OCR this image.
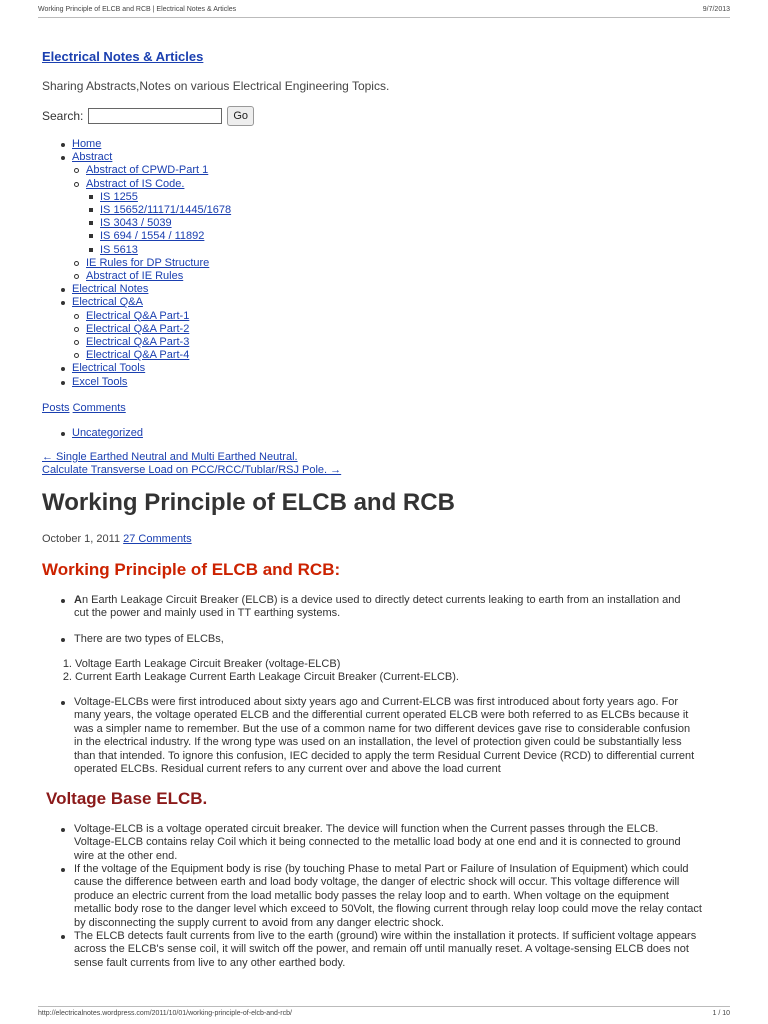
Working Principle of ELCB and RCB | Electrical Notes & Articles	9/7/2013
Electrical Notes & Articles
Sharing Abstracts,Notes on various Electrical Engineering Topics.
Search:	Go
Home
Abstract
Abstract of CPWD-Part 1
Abstract of IS Code.
IS 1255
IS 15652/11171/1445/1678
IS 3043 / 5039
IS 694 / 1554 / 11892
IS 5613
IE Rules for DP Structure
Abstract of IE Rules
Electrical Notes
Electrical Q&A
Electrical Q&A Part-1
Electrical Q&A Part-2
Electrical Q&A Part-3
Electrical Q&A Part-4
Electrical Tools
Excel Tools
Posts Comments
Uncategorized
← Single Earthed Neutral and Multi Earthed Neutral.
Calculate Transverse Load on PCC/RCC/Tublar/RSJ Pole. →
Working Principle of ELCB and RCB
October 1, 2011 27 Comments
Working Principle of ELCB and RCB:
An Earth Leakage Circuit Breaker (ELCB) is a device used to directly detect currents leaking to earth from an installation and
cut the power and mainly used in TT earthing systems.
There are two types of ELCBs,
1. Voltage Earth Leakage Circuit Breaker (voltage-ELCB)
2. Current Earth Leakage Current Earth Leakage Circuit Breaker (Current-ELCB).
Voltage-ELCBs were first introduced about sixty years ago and Current-ELCB was first introduced about forty years ago. For
many years, the voltage operated ELCB and the differential current operated ELCB were both referred to as ELCBs because it
was a simpler name to remember. But the use of a common name for two different devices gave rise to considerable confusion
in the electrical industry. If the wrong type was used on an installation, the level of protection given could be substantially less
than that intended. To ignore this confusion, IEC decided to apply the term Residual Current Device (RCD) to differential current
operated ELCBs. Residual current refers to any current over and above the load current
Voltage Base ELCB.
Voltage-ELCB is a voltage operated circuit breaker. The device will function when the Current passes through the ELCB.
Voltage-ELCB contains relay Coil which it being connected to the metallic load body at one end and it is connected to ground
wire at the other end.
If the voltage of the Equipment body is rise (by touching Phase to metal Part or Failure of Insulation of Equipment) which could
cause the difference between earth and load body voltage, the danger of electric shock will occur. This voltage difference will
produce an electric current from the load metallic body passes the relay loop and to earth. When voltage on the equipment
metallic body rose to the danger level which exceed to 50Volt, the flowing current through relay loop could move the relay contact
by disconnecting the supply current to avoid from any danger electric shock.
The ELCB detects fault currents from live to the earth (ground) wire within the installation it protects. If sufficient voltage appears
across the ELCB's sense coil, it will switch off the power, and remain off until manually reset. A voltage-sensing ELCB does not
sense fault currents from live to any other earthed body.
http://electricalnotes.wordpress.com/2011/10/01/working-principle-of-elcb-and-rcb/	1 / 10
